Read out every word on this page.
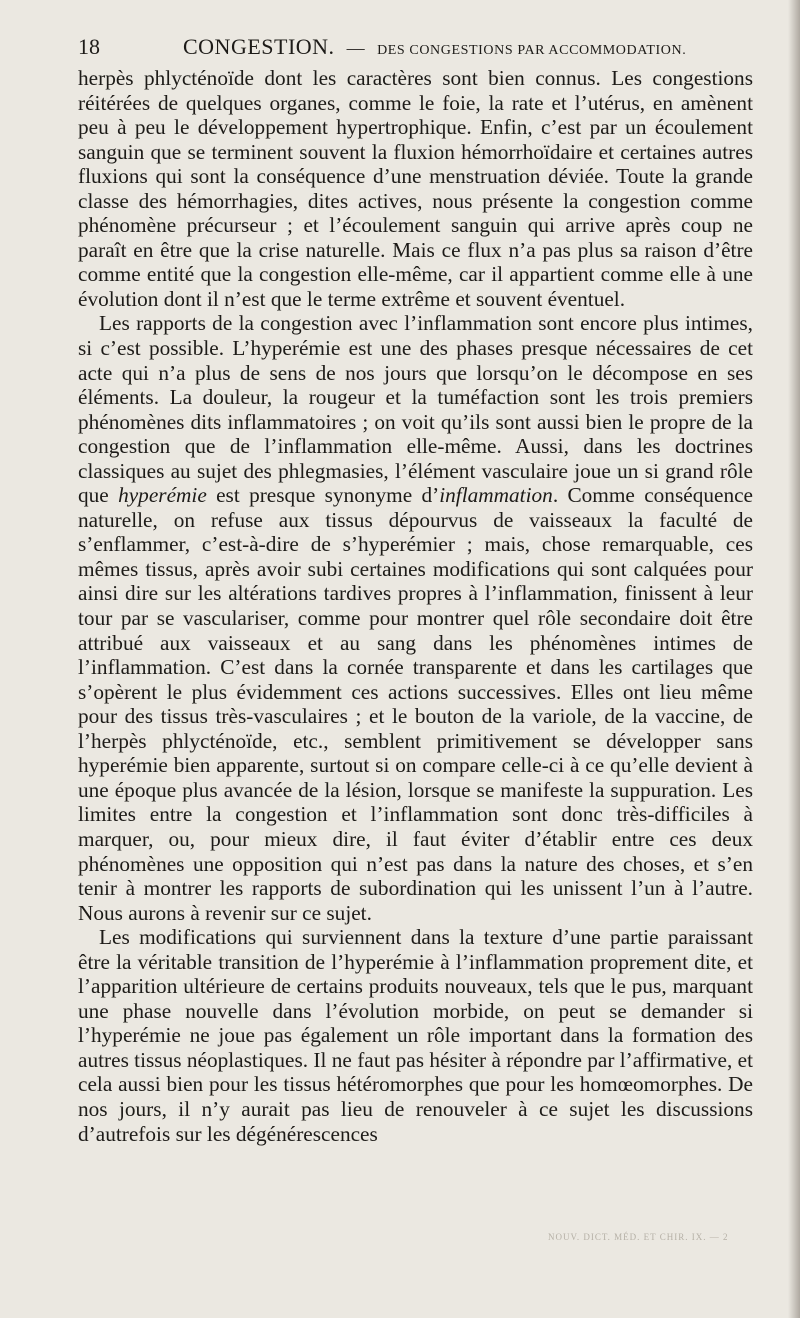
18	CONGESTION. — DES CONGESTIONS PAR ACCOMMODATION.

herpès phlycténoïde dont les caractères sont bien connus. Les congestions réitérées de quelques organes, comme le foie, la rate et l’utérus, en amènent peu à peu le développement hypertrophique. Enfin, c’est par un écoulement sanguin que se terminent souvent la fluxion hémorrhoïdaire et certaines autres fluxions qui sont la conséquence d’une menstruation déviée. Toute la grande classe des hémorrhagies, dites actives, nous présente la congestion comme phénomène précurseur ; et l’écoulement sanguin qui arrive après coup ne paraît en être que la crise naturelle. Mais ce flux n’a pas plus sa raison d’être comme entité que la congestion elle-même, car il appartient comme elle à une évolution dont il n’est que le terme extrême et souvent éventuel.

Les rapports de la congestion avec l’inflammation sont encore plus intimes, si c’est possible. L’hyperémie est une des phases presque nécessaires de cet acte qui n’a plus de sens de nos jours que lorsqu’on le décompose en ses éléments. La douleur, la rougeur et la tuméfaction sont les trois premiers phénomènes dits inflammatoires ; on voit qu’ils sont aussi bien le propre de la congestion que de l’inflammation elle-même. Aussi, dans les doctrines classiques au sujet des phlegmasies, l’élément vasculaire joue un si grand rôle que hyperémie est presque synonyme d’inflammation. Comme conséquence naturelle, on refuse aux tissus dépourvus de vaisseaux la faculté de s’enflammer, c’est-à-dire de s’hyperémier ; mais, chose remarquable, ces mêmes tissus, après avoir subi certaines modifications qui sont calquées pour ainsi dire sur les altérations tardives propres à l’inflammation, finissent à leur tour par se vasculariser, comme pour montrer quel rôle secondaire doit être attribué aux vaisseaux et au sang dans les phénomènes intimes de l’inflammation. C’est dans la cornée transparente et dans les cartilages que s’opèrent le plus évidemment ces actions successives. Elles ont lieu même pour des tissus très-vasculaires ; et le bouton de la variole, de la vaccine, de l’herpès phlycténoïde, etc., semblent primitivement se développer sans hyperémie bien apparente, surtout si on compare celle-ci à ce qu’elle devient à une époque plus avancée de la lésion, lorsque se manifeste la suppuration. Les limites entre la congestion et l’inflammation sont donc très-difficiles à marquer, ou, pour mieux dire, il faut éviter d’établir entre ces deux phénomènes une opposition qui n’est pas dans la nature des choses, et s’en tenir à montrer les rapports de subordination qui les unissent l’un à l’autre. Nous aurons à revenir sur ce sujet.

Les modifications qui surviennent dans la texture d’une partie paraissant être la véritable transition de l’hyperémie à l’inflammation proprement dite, et l’apparition ultérieure de certains produits nouveaux, tels que le pus, marquant une phase nouvelle dans l’évolution morbide, on peut se demander si l’hyperémie ne joue pas également un rôle important dans la formation des autres tissus néoplastiques. Il ne faut pas hésiter à répondre par l’affirmative, et cela aussi bien pour les tissus hétéromorphes que pour les homœomorphes. De nos jours, il n’y aurait pas lieu de renouveler à ce sujet les discussions d’autrefois sur les dégénérescences

NOUV. DICT. MÉD. ET CHIR. IX. — 2
